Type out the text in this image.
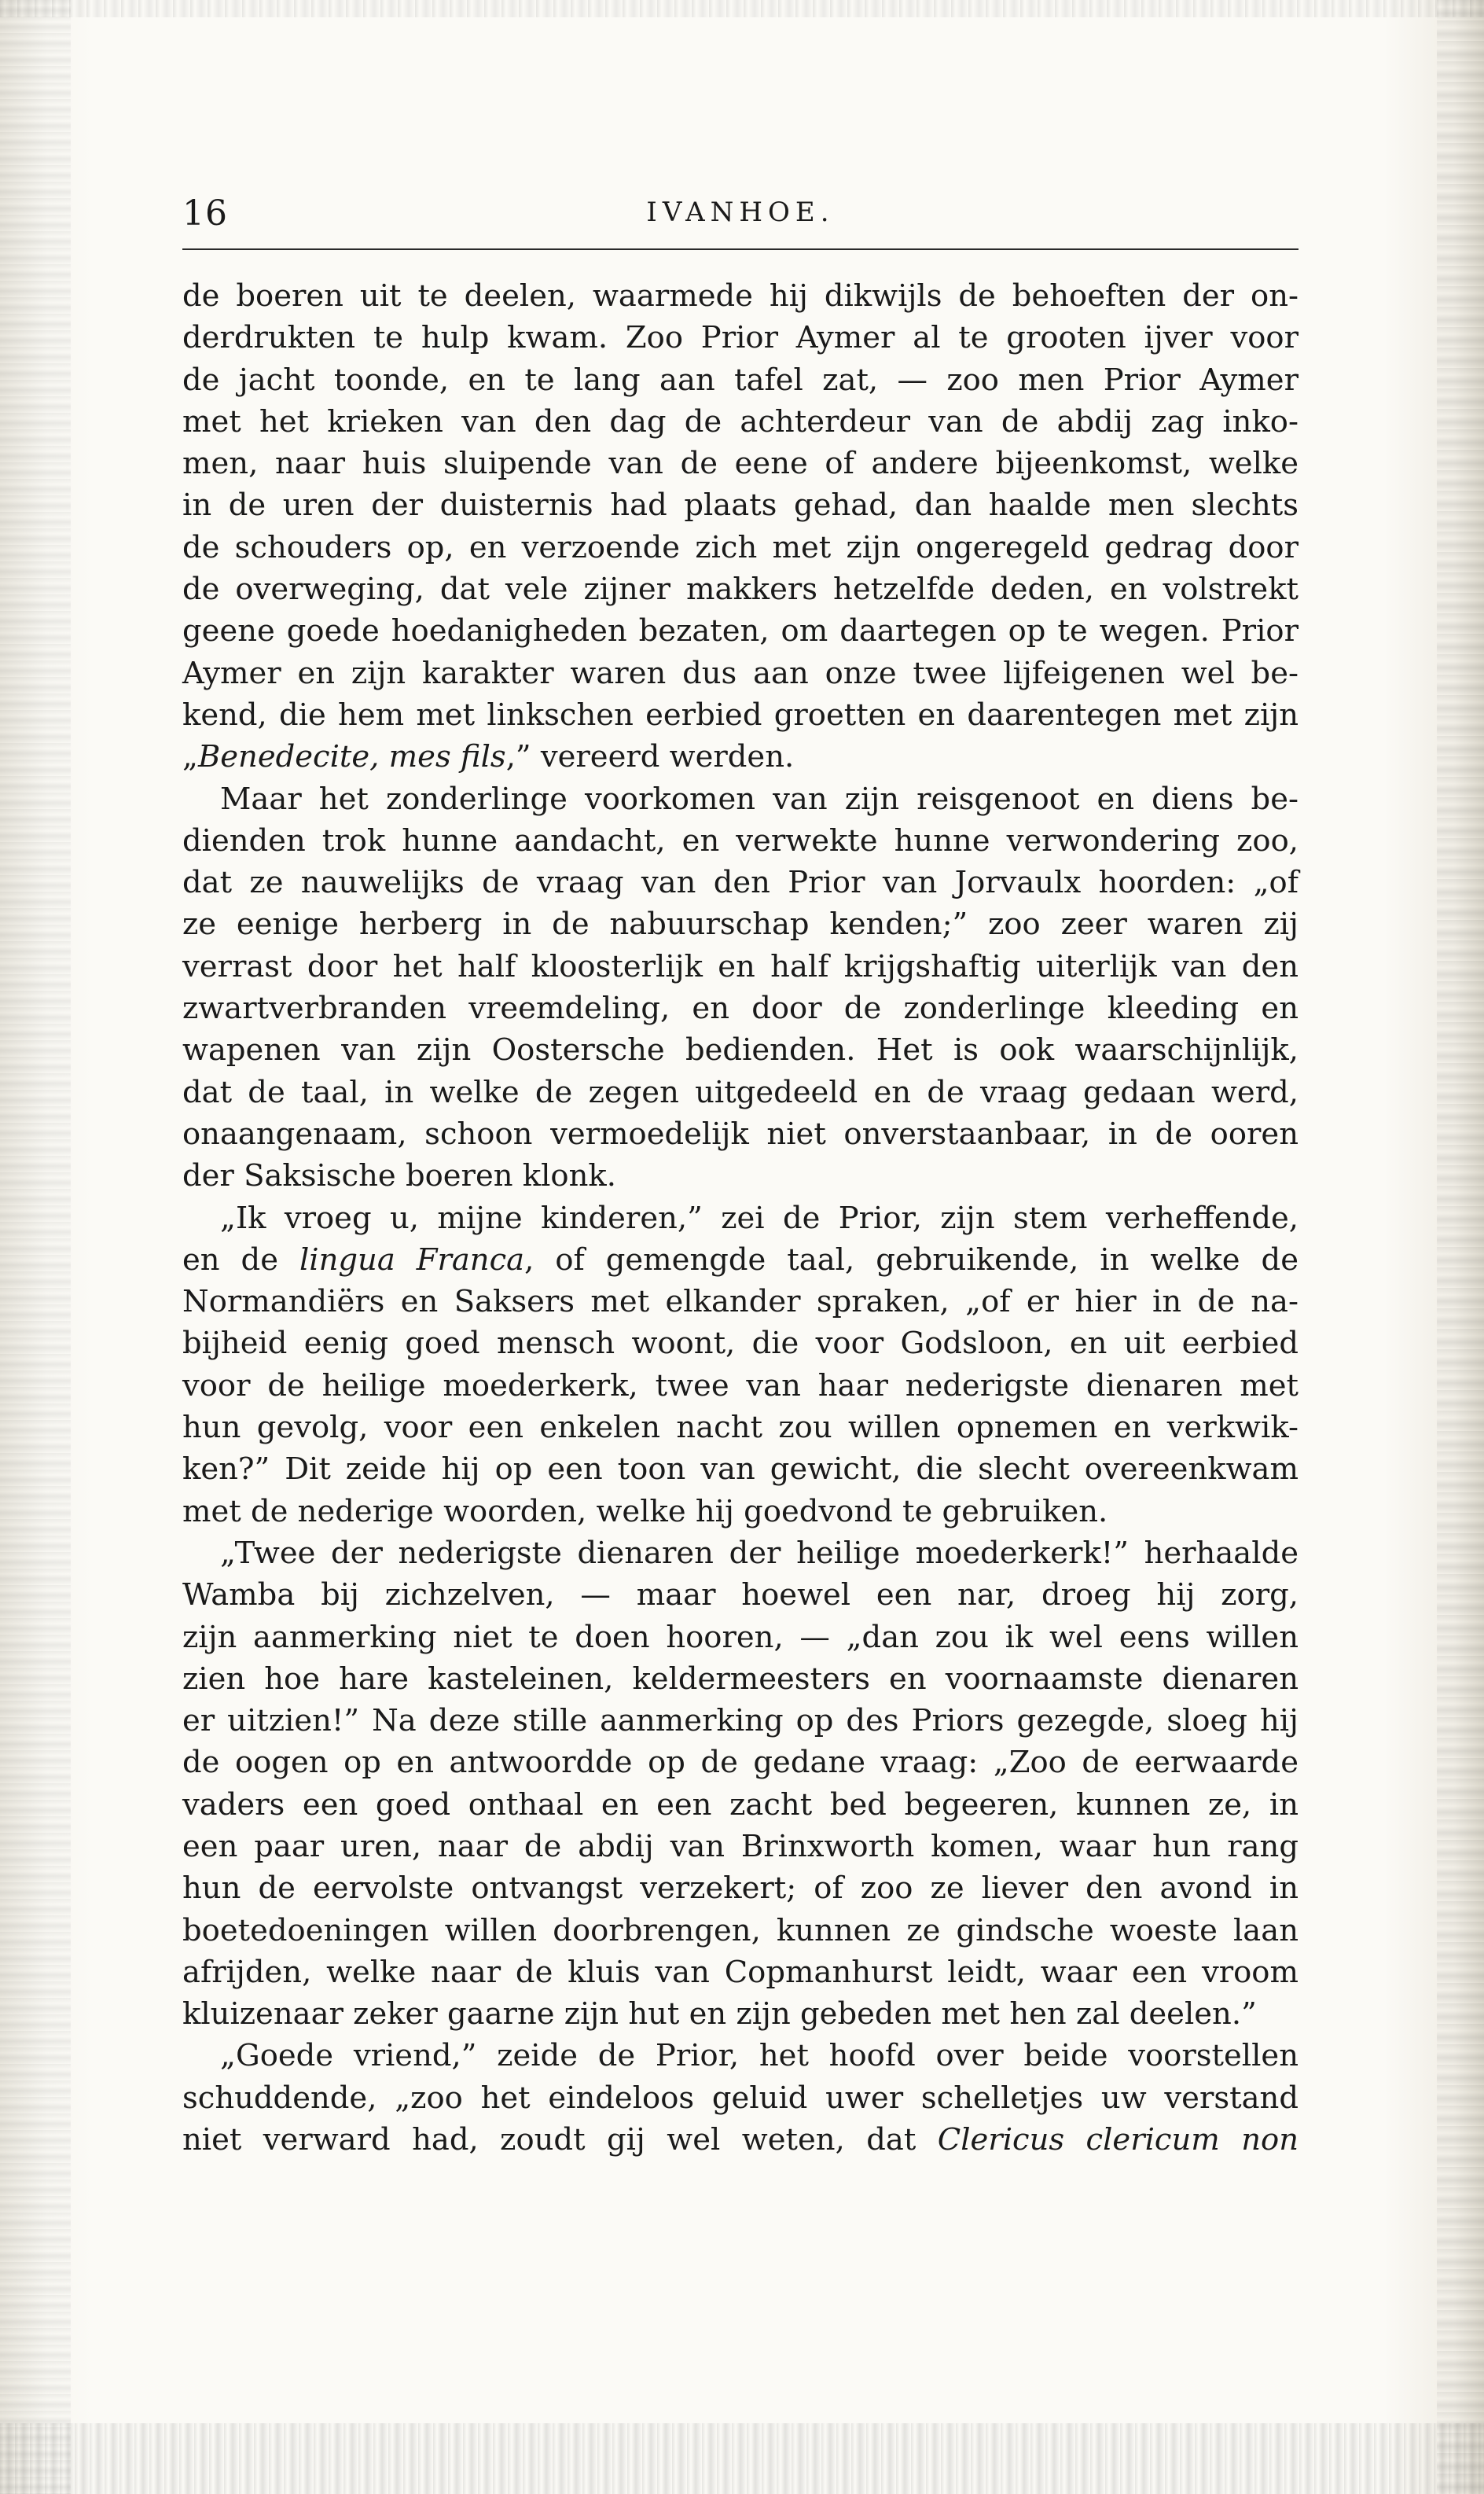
16	IVANHOE.

de boeren uit te deelen, waarmede hij dikwijls de behoeften der on-
derdrukten te hulp kwam. Zoo Prior Aymer al te grooten ijver voor
de jacht toonde, en te lang aan tafel zat, — zoo men Prior Aymer
met het krieken van den dag de achterdeur van de abdij zag inko-
men, naar huis sluipende van de eene of andere bijeenkomst, welke
in de uren der duisternis had plaats gehad, dan haalde men slechts
de schouders op, en verzoende zich met zijn ongeregeld gedrag door
de overweging, dat vele zijner makkers hetzelfde deden, en volstrekt
geene goede hoedanigheden bezaten, om daartegen op te wegen. Prior
Aymer en zijn karakter waren dus aan onze twee lijfeigenen wel be-
kend, die hem met linkschen eerbied groetten en daarentegen met zijn
„Benedecite, mes fils,” vereerd werden.

Maar het zonderlinge voorkomen van zijn reisgenoot en diens be-
dienden trok hunne aandacht, en verwekte hunne verwondering zoo,
dat ze nauwelijks de vraag van den Prior van Jorvaulx hoorden: „of
ze eenige herberg in de nabuurschap kenden;” zoo zeer waren zij
verrast door het half kloosterlijk en half krijgshaftig uiterlijk van den
zwartverbranden vreemdeling, en door de zonderlinge kleeding en
wapenen van zijn Oostersche bedienden. Het is ook waarschijnlijk,
dat de taal, in welke de zegen uitgedeeld en de vraag gedaan werd,
onaangenaam, schoon vermoedelijk niet onverstaanbaar, in de ooren
der Saksische boeren klonk.

„Ik vroeg u, mijne kinderen,” zei de Prior, zijn stem verheffende,
en de lingua Franca, of gemengde taal, gebruikende, in welke de
Normandiërs en Saksers met elkander spraken, „of er hier in de na-
bijheid eenig goed mensch woont, die voor Godsloon, en uit eerbied
voor de heilige moederkerk, twee van haar nederigste dienaren met
hun gevolg, voor een enkelen nacht zou willen opnemen en verkwik-
ken?” Dit zeide hij op een toon van gewicht, die slecht overeenkwam
met de nederige woorden, welke hij goedvond te gebruiken.

„Twee der nederigste dienaren der heilige moederkerk!” herhaalde
Wamba bij zichzelven, — maar hoewel een nar, droeg hij zorg,
zijn aanmerking niet te doen hooren, — „dan zou ik wel eens willen
zien hoe hare kasteleinen, keldermeesters en voornaamste dienaren
er uitzien!” Na deze stille aanmerking op des Priors gezegde, sloeg hij
de oogen op en antwoordde op de gedane vraag: „Zoo de eerwaarde
vaders een goed onthaal en een zacht bed begeeren, kunnen ze, in
een paar uren, naar de abdij van Brinxworth komen, waar hun rang
hun de eervolste ontvangst verzekert; of zoo ze liever den avond in
boetedoeningen willen doorbrengen, kunnen ze gindsche woeste laan
afrijden, welke naar de kluis van Copmanhurst leidt, waar een vroom
kluizenaar zeker gaarne zijn hut en zijn gebeden met hen zal deelen.”

„Goede vriend,” zeide de Prior, het hoofd over beide voorstellen
schuddende, „zoo het eindeloos geluid uwer schelletjes uw verstand
niet verward had, zoudt gij wel weten, dat Clericus clericum non
